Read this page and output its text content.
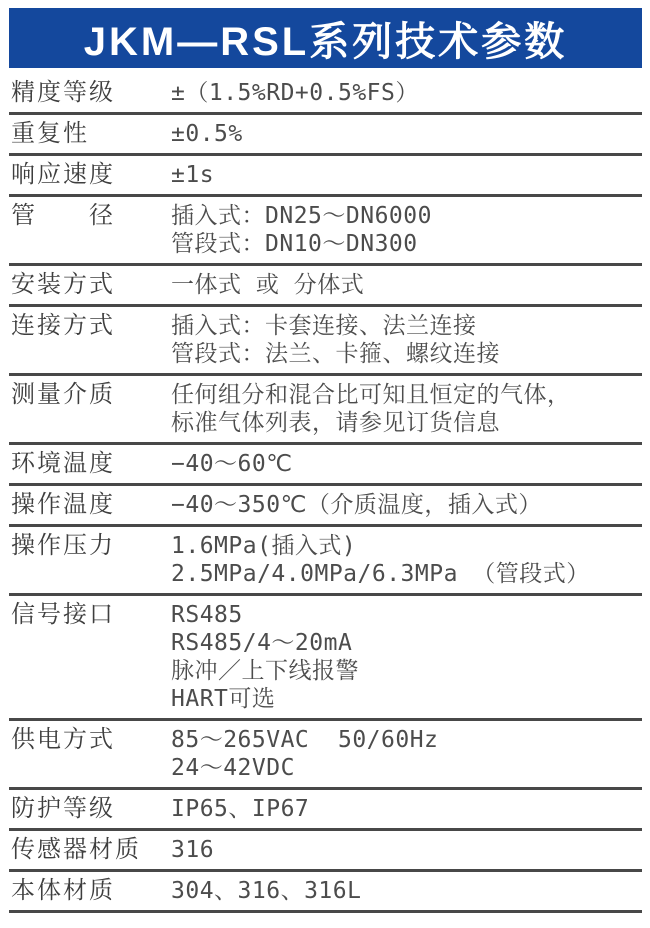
JKM—RSL系列技术参数
精度等级	±（1.5%RD+0.5%FS）
重复性	±0.5%
响应速度	±1s
管　　径	插入式：DN25～DN6000
管段式：DN10～DN300
安装方式	一体式 或 分体式
连接方式	插入式：卡套连接、法兰连接
管段式：法兰、卡箍、螺纹连接
测量介质	任何组分和混合比可知且恒定的气体，
标准气体列表，请参见订货信息
环境温度	−40～60℃
操作温度	−40～350℃（介质温度，插入式）
操作压力	1.6MPa(插入式)
2.5MPa/4.0MPa/6.3MPa （管段式）
信号接口	RS485
RS485/4～20mA
脉冲／上下线报警
HART可选
供电方式	85～265VAC  50/60Hz
24～42VDC
防护等级	IP65、IP67
传感器材质	316
本体材质	304、316、316L
